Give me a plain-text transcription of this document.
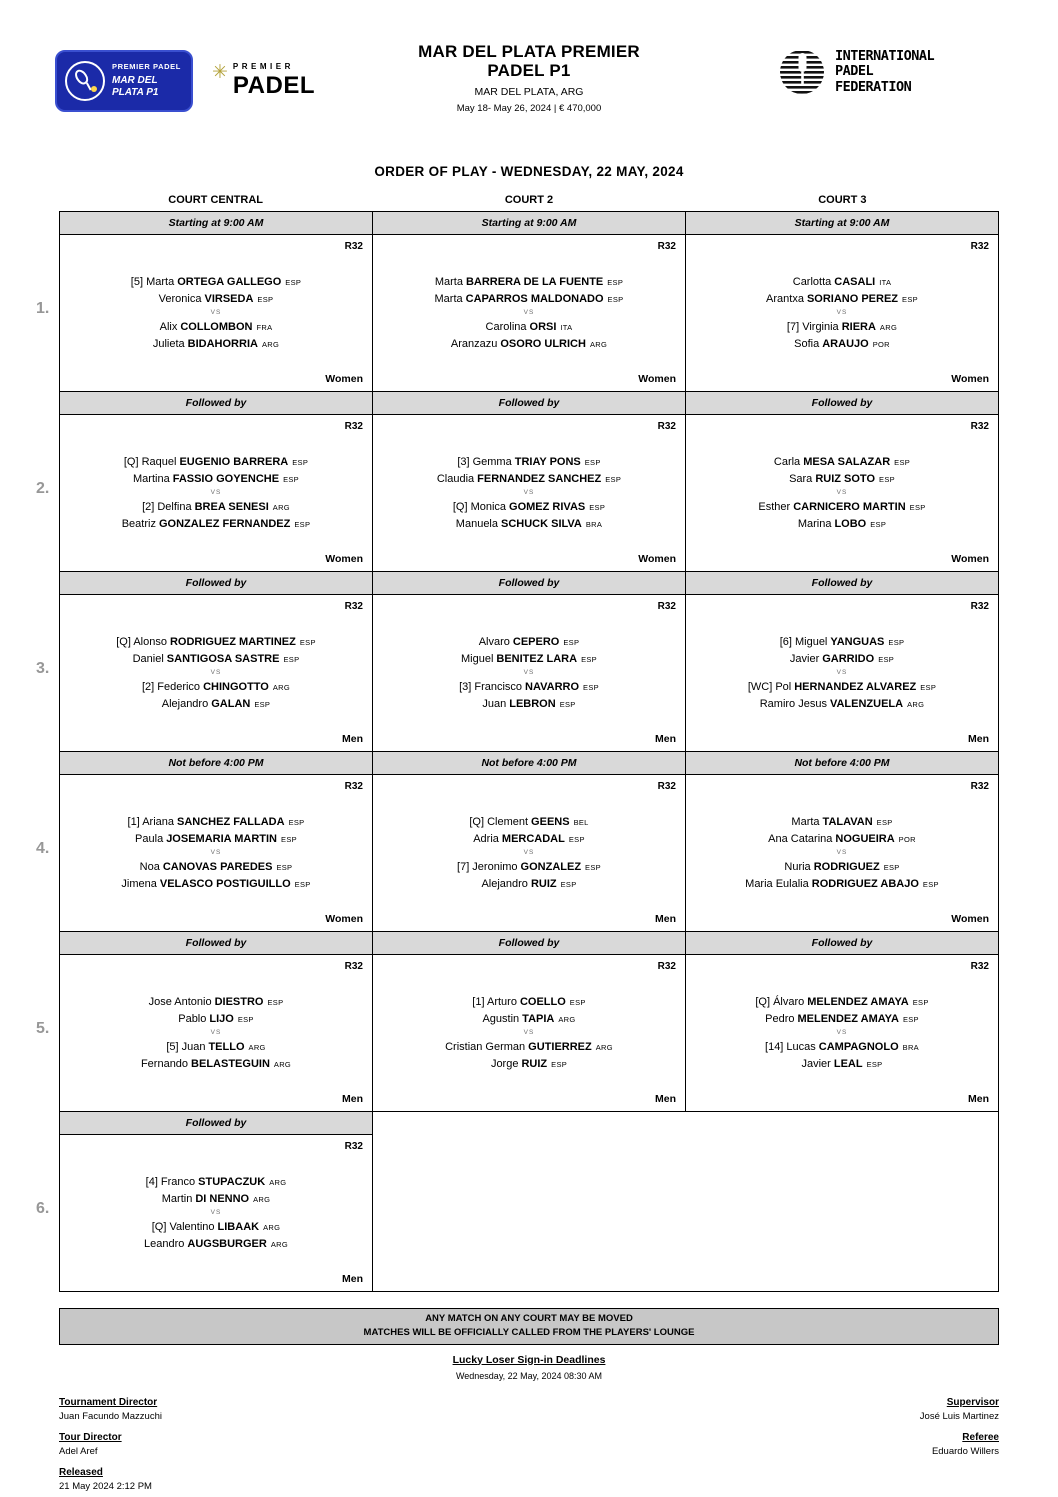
PREMIER PADEL
MAR DEL PLATA P1
✳ PREMIER
PADEL
MAR DEL PLATA PREMIER
PADEL P1
MAR DEL PLATA, ARG
May 18- May 26, 2024 | € 470,000
INTERNATIONAL
PADEL
FEDERATION
ORDER OF PLAY - WEDNESDAY, 22 MAY, 2024
COURT CENTRAL	COURT 2	COURT 3
1.
Starting at 9:00 AM
R32
[5] Marta ORTEGA GALLEGO ESP
Veronica VIRSEDA ESP
VS
Alix COLLOMBON FRA
Julieta BIDAHORRIA ARG
Women
Starting at 9:00 AM
R32
Marta BARRERA DE LA FUENTE ESP
Marta CAPARROS MALDONADO ESP
VS
Carolina ORSI ITA
Aranzazu OSORO ULRICH ARG
Women
Starting at 9:00 AM
R32
Carlotta CASALI ITA
Arantxa SORIANO PEREZ ESP
VS
[7] Virginia RIERA ARG
Sofia ARAUJO POR
Women
2.
Followed by
R32
[Q] Raquel EUGENIO BARRERA ESP
Martina FASSIO GOYENCHE ESP
VS
[2] Delfina BREA SENESI ARG
Beatriz GONZALEZ FERNANDEZ ESP
Women
Followed by
R32
[3] Gemma TRIAY PONS ESP
Claudia FERNANDEZ SANCHEZ ESP
VS
[Q] Monica GOMEZ RIVAS ESP
Manuela SCHUCK SILVA BRA
Women
Followed by
R32
Carla MESA SALAZAR ESP
Sara RUIZ SOTO ESP
VS
Esther CARNICERO MARTIN ESP
Marina LOBO ESP
Women
3.
Followed by
R32
[Q] Alonso RODRIGUEZ MARTINEZ ESP
Daniel SANTIGOSA SASTRE ESP
VS
[2] Federico CHINGOTTO ARG
Alejandro GALAN ESP
Men
Followed by
R32
Alvaro CEPERO ESP
Miguel BENITEZ LARA ESP
VS
[3] Francisco NAVARRO ESP
Juan LEBRON ESP
Men
Followed by
R32
[6] Miguel YANGUAS ESP
Javier GARRIDO ESP
VS
[WC] Pol HERNANDEZ ALVAREZ ESP
Ramiro Jesus VALENZUELA ARG
Men
4.
Not before 4:00 PM
R32
[1] Ariana SANCHEZ FALLADA ESP
Paula JOSEMARIA MARTIN ESP
VS
Noa CANOVAS PAREDES ESP
Jimena VELASCO POSTIGUILLO ESP
Women
Not before 4:00 PM
R32
[Q] Clement GEENS BEL
Adria MERCADAL ESP
VS
[7] Jeronimo GONZALEZ ESP
Alejandro RUIZ ESP
Men
Not before 4:00 PM
R32
Marta TALAVAN ESP
Ana Catarina NOGUEIRA POR
VS
Nuria RODRIGUEZ ESP
Maria Eulalia RODRIGUEZ ABAJO ESP
Women
5.
Followed by
R32
Jose Antonio DIESTRO ESP
Pablo LIJO ESP
VS
[5] Juan TELLO ARG
Fernando BELASTEGUIN ARG
Men
Followed by
R32
[1] Arturo COELLO ESP
Agustin TAPIA ARG
VS
Cristian German GUTIERREZ ARG
Jorge RUIZ ESP
Men
Followed by
R32
[Q] Álvaro MELENDEZ AMAYA ESP
Pedro MELENDEZ AMAYA ESP
VS
[14] Lucas CAMPAGNOLO BRA
Javier LEAL ESP
Men
6.
Followed by
R32
[4] Franco STUPACZUK ARG
Martin DI NENNO ARG
VS
[Q] Valentino LIBAAK ARG
Leandro AUGSBURGER ARG
Men
ANY MATCH ON ANY COURT MAY BE MOVED
MATCHES WILL BE OFFICIALLY CALLED FROM THE PLAYERS' LOUNGE
Lucky Loser Sign-in Deadlines
Wednesday, 22 May, 2024 08:30 AM
Tournament Director
Juan Facundo Mazzuchi
Tour Director
Adel Aref
Released
21 May 2024 2:12 PM
Supervisor
José Luis Martinez
Referee
Eduardo Willers
